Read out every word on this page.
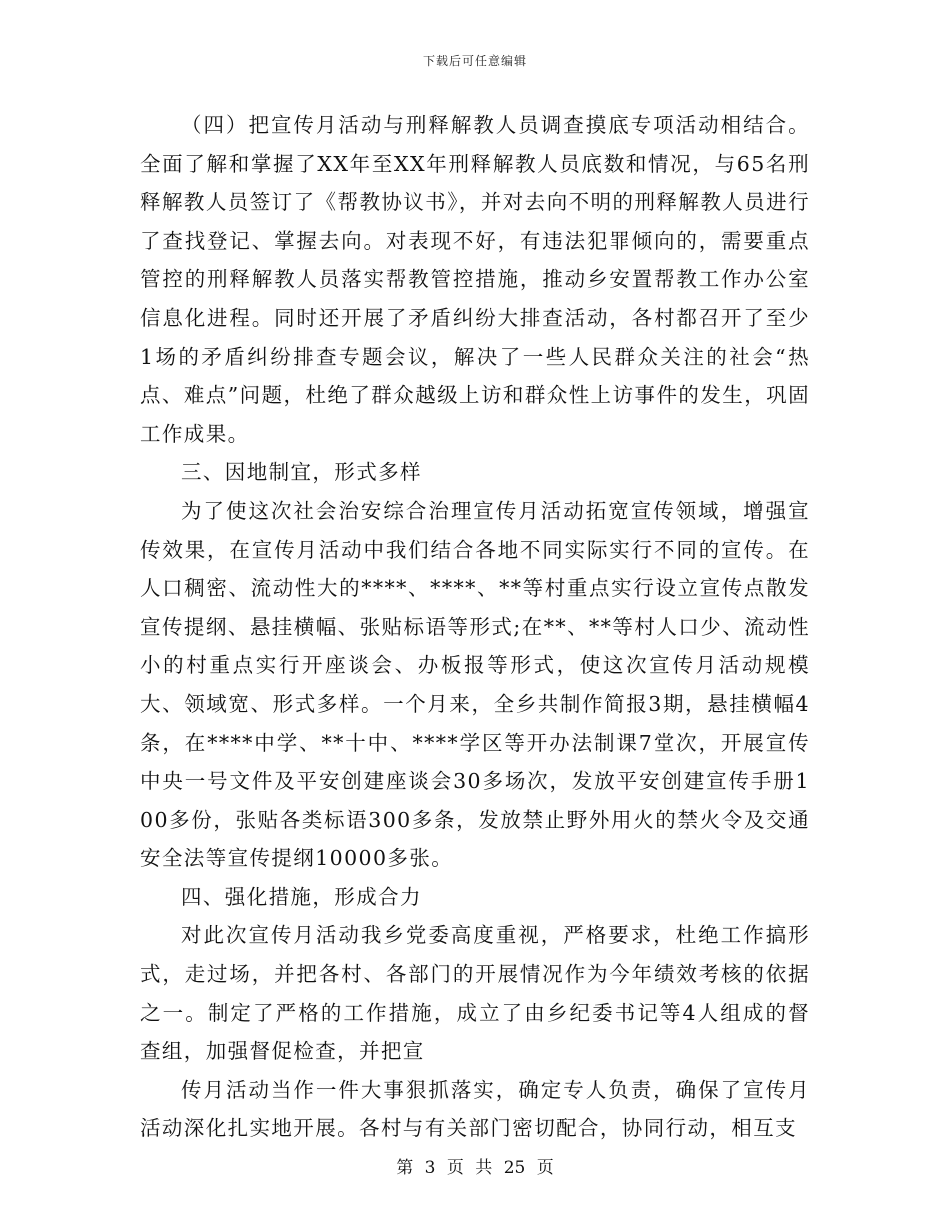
下载后可任意编辑

（四）把宣传月活动与刑释解教人员调查摸底专项活动相结合。全面了解和掌握了XX年至XX年刑释解教人员底数和情况，与65名刑释解教人员签订了《帮教协议书》，并对去向不明的刑释解教人员进行了查找登记、掌握去向。对表现不好，有违法犯罪倾向的，需要重点管控的刑释解教人员落实帮教管控措施，推动乡安置帮教工作办公室信息化进程。同时还开展了矛盾纠纷大排查活动，各村都召开了至少1场的矛盾纠纷排查专题会议，解决了一些人民群众关注的社会“热点、难点”问题，杜绝了群众越级上访和群众性上访事件的发生，巩固工作成果。

三、因地制宜，形式多样

为了使这次社会治安综合治理宣传月活动拓宽宣传领域，增强宣传效果，在宣传月活动中我们结合各地不同实际实行不同的宣传。在人口稠密、流动性大的****、****、**等村重点实行设立宣传点散发宣传提纲、悬挂横幅、张贴标语等形式;在**、**等村人口少、流动性小的村重点实行开座谈会、办板报等形式，使这次宣传月活动规模大、领域宽、形式多样。一个月来，全乡共制作简报3期，悬挂横幅4条，在****中学、**十中、****学区等开办法制课7堂次，开展宣传中央一号文件及平安创建座谈会30多场次，发放平安创建宣传手册100多份，张贴各类标语300多条，发放禁止野外用火的禁火令及交通安全法等宣传提纲10000多张。

四、强化措施，形成合力

对此次宣传月活动我乡党委高度重视，严格要求，杜绝工作搞形式，走过场，并把各村、各部门的开展情况作为今年绩效考核的依据之一。制定了严格的工作措施，成立了由乡纪委书记等4人组成的督查组，加强督促检查，并把宣

传月活动当作一件大事狠抓落实，确定专人负责，确保了宣传月活动深化扎实地开展。各村与有关部门密切配合，协同行动，相互支

第 3 页 共 25 页
